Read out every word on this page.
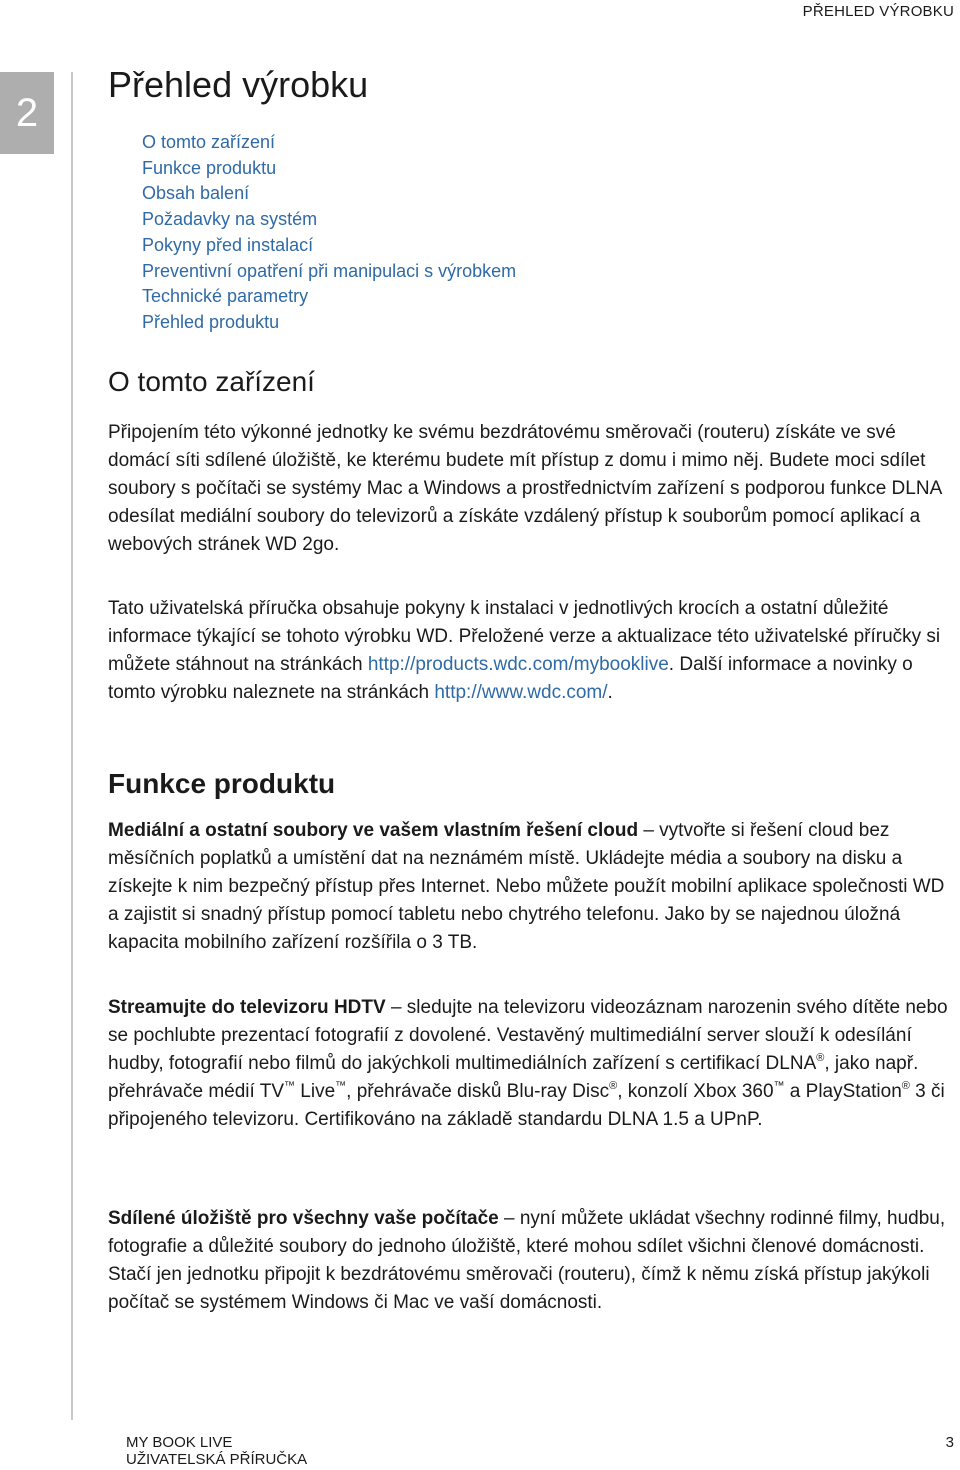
PŘEHLED VÝROBKU
2
Přehled výrobku
O tomto zařízení
Funkce produktu
Obsah balení
Požadavky na systém
Pokyny před instalací
Preventivní opatření při manipulaci s výrobkem
Technické parametry
Přehled produktu
O tomto zařízení

Připojením této výkonné jednotky ke svému bezdrátovému směrovači (routeru) získáte ve své domácí síti sdílené úložiště, ke kterému budete mít přístup z domu i mimo něj. Budete moci sdílet soubory s počítači se systémy Mac a Windows a prostřednictvím zařízení s podporou funkce DLNA odesílat mediální soubory do televizorů a získáte vzdálený přístup k souborům pomocí aplikací a webových stránek WD 2go.

Tato uživatelská příručka obsahuje pokyny k instalaci v jednotlivých krocích a ostatní důležité informace týkající se tohoto výrobku WD. Přeložené verze a aktualizace této uživatelské příručky si můžete stáhnout na stránkách http://products.wdc.com/mybooklive. Další informace a novinky o tomto výrobku naleznete na stránkách http://www.wdc.com/.

Funkce produktu

Mediální a ostatní soubory ve vašem vlastním řešení cloud – vytvořte si řešení cloud bez měsíčních poplatků a umístění dat na neznámém místě. Ukládejte média a soubory na disku a získejte k nim bezpečný přístup přes Internet. Nebo můžete použít mobilní aplikace společnosti WD a zajistit si snadný přístup pomocí tabletu nebo chytrého telefonu. Jako by se najednou úložná kapacita mobilního zařízení rozšířila o 3 TB.

Streamujte do televizoru HDTV – sledujte na televizoru videozáznam narozenin svého dítěte nebo se pochlubte prezentací fotografií z dovolené. Vestavěný multimediální server slouží k odesílání hudby, fotografií nebo filmů do jakýchkoli multimediálních zařízení s certifikací DLNA®, jako např. přehrávače médií TV™ Live™, přehrávače disků Blu-ray Disc®, konzolí Xbox 360™ a PlayStation® 3 či připojeného televizoru. Certifikováno na základě standardu DLNA 1.5 a UPnP.

Sdílené úložiště pro všechny vaše počítače – nyní můžete ukládat všechny rodinné filmy, hudbu, fotografie a důležité soubory do jednoho úložiště, které mohou sdílet všichni členové domácnosti. Stačí jen jednotku připojit k bezdrátovému směrovači (routeru), čímž k němu získá přístup jakýkoli počítač se systémem Windows či Mac ve vaší domácnosti.

MY BOOK LIVE
UŽIVATELSKÁ PŘÍRUČKA
3
